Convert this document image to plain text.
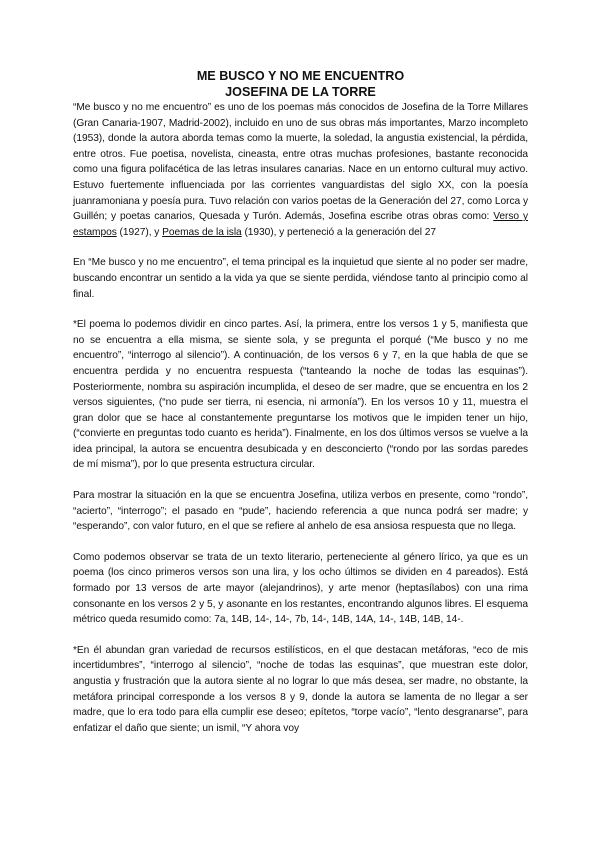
ME BUSCO Y NO ME ENCUENTRO
JOSEFINA DE LA TORRE

“Me busco y no me encuentro” es uno de los poemas más conocidos de Josefina de la Torre Millares (Gran Canaria-1907, Madrid-2002), incluido en uno de sus obras más importantes, Marzo incompleto (1953), donde la autora aborda temas como la muerte, la soledad, la angustia existencial, la pérdida, entre otros. Fue poetisa, novelista, cineasta, entre otras muchas profesiones, bastante reconocida como una figura polifacética de las letras insulares canarias. Nace en un entorno cultural muy activo. Estuvo fuertemente influenciada por las corrientes vanguardistas del siglo XX, con la poesía juanramoniana y poesía pura. Tuvo relación con varios poetas de la Generación del 27, como Lorca y Guillén; y poetas canarios, Quesada y Turón. Además, Josefina escribe otras obras como: Verso y estampos (1927), y Poemas de la isla (1930), y perteneció a la generación del 27

En “Me busco y no me encuentro”, el tema principal es la inquietud que siente al no poder ser madre, buscando encontrar un sentido a la vida ya que se siente perdida, viéndose tanto al principio como al final.

*El poema lo podemos dividir en cinco partes. Así, la primera, entre los versos 1 y 5, manifiesta que no se encuentra a ella misma, se siente sola, y se pregunta el porqué (“Me busco y no me encuentro”, “interrogo al silencio”). A continuación, de los versos 6 y 7, en la que habla de que se encuentra perdida y no encuentra respuesta (“tanteando la noche de todas las esquinas”). Posteriormente, nombra su aspiración incumplida, el deseo de ser madre, que se encuentra en los 2 versos siguientes, (“no pude ser tierra, ni esencia, ni armonía”). En los versos 10 y 11, muestra el gran dolor que se hace al constantemente preguntarse los motivos que le impiden tener un hijo, (“convierte en preguntas todo cuanto es herida”). Finalmente, en los dos últimos versos se vuelve a la idea principal, la autora se encuentra desubicada y en desconcierto (“rondo por las sordas paredes de mí misma”), por lo que presenta estructura circular.

Para mostrar la situación en la que se encuentra Josefina, utiliza verbos en presente, como “rondo”, “acierto”, “interrogo”; el pasado en “pude”, haciendo referencia a que nunca podrá ser madre; y “esperando”, con valor futuro, en el que se refiere al anhelo de esa ansiosa respuesta que no llega.

Como podemos observar se trata de un texto literario, perteneciente al género lírico, ya que es un poema (los cinco primeros versos son una lira, y los ocho últimos se dividen en 4 pareados). Está formado por 13 versos de arte mayor (alejandrinos), y arte menor (heptasílabos) con una rima consonante en los versos 2 y 5, y asonante en los restantes, encontrando algunos libres. El esquema métrico queda resumido como: 7a, 14B, 14-, 14-, 7b, 14-, 14B, 14A, 14-, 14B, 14B, 14-.

*En él abundan gran variedad de recursos estilísticos, en el que destacan metáforas, “eco de mis incertidumbres”, “interrogo al silencio”, “noche de todas las esquinas”, que muestran este dolor, angustia y frustración que la autora siente al no lograr lo que más desea, ser madre, no obstante, la metáfora principal corresponde a los versos 8 y 9, donde la autora se lamenta de no llegar a ser madre, que lo era todo para ella cumplir ese deseo; epítetos, “torpe vacío”, “lento desgranarse”, para enfatizar el daño que siente; un ismil, “Y ahora voy
